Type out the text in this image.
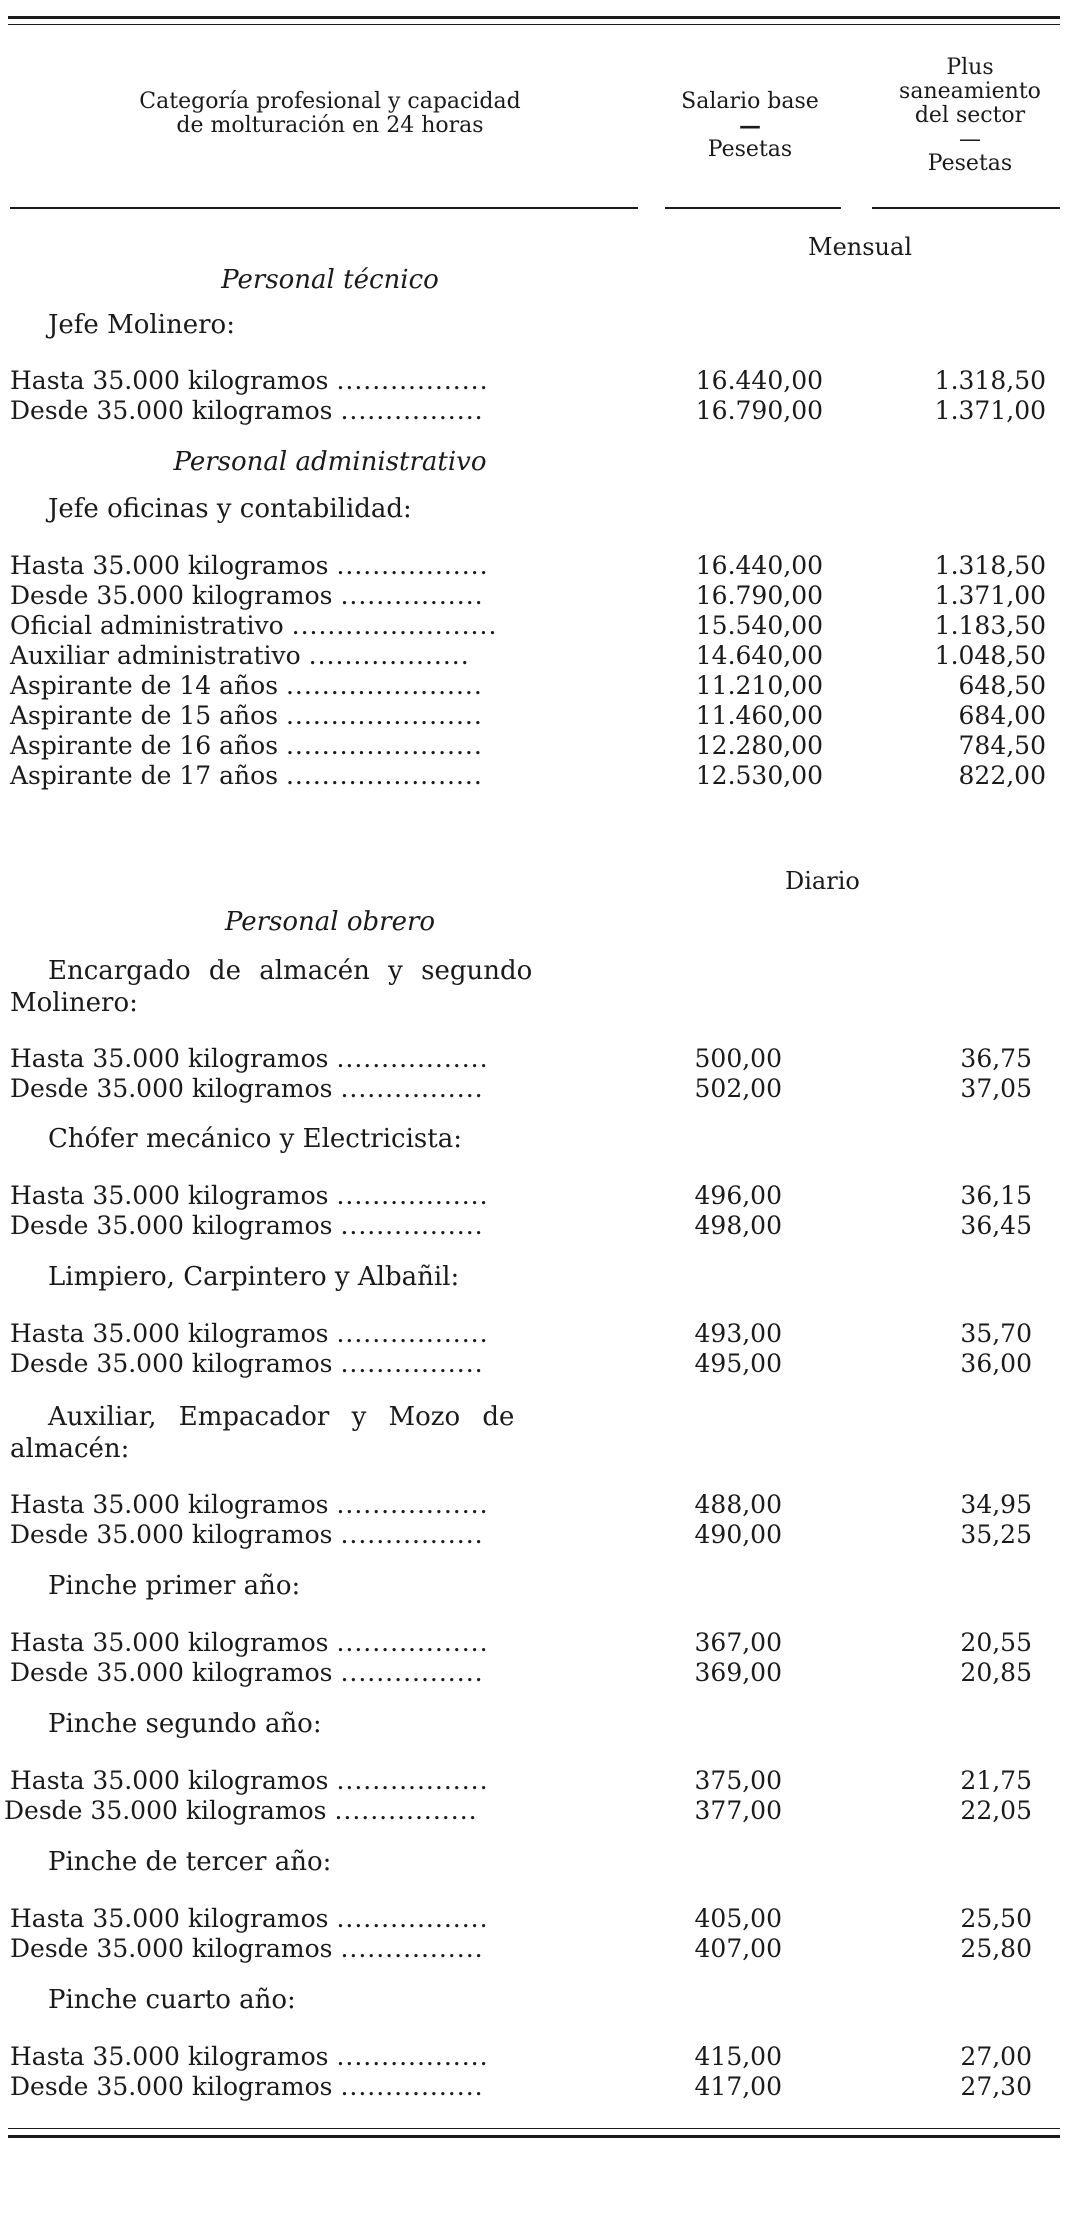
Categoría profesional y capacidad
de molturación en 24 horas
Salario base
—
Pesetas
Plus
saneamiento
del sector
—
Pesetas
Mensual
Personal técnico
Jefe Molinero:
Hasta 35.000 kilogramos .................	16.440,00	1.318,50
Desde 35.000 kilogramos ................	16.790,00	1.371,00
Personal administrativo
Jefe oficinas y contabilidad:
Hasta 35.000 kilogramos .................	16.440,00	1.318,50
Desde 35.000 kilogramos ................	16.790,00	1.371,00
Oficial administrativo .......................	15.540,00	1.183,50
Auxiliar administrativo ..................	14.640,00	1.048,50
Aspirante de 14 años ......................	11.210,00	648,50
Aspirante de 15 años ......................	11.460,00	684,00
Aspirante de 16 años ......................	12.280,00	784,50
Aspirante de 17 años ......................	12.530,00	822,00
Diario
Personal obrero
Encargado de almacén y segundo
Molinero:
Hasta 35.000 kilogramos .................	500,00	36,75
Desde 35.000 kilogramos ................	502,00	37,05
Chófer mecánico y Electricista:
Hasta 35.000 kilogramos .................	496,00	36,15
Desde 35.000 kilogramos ................	498,00	36,45
Limpiero, Carpintero y Albañil:
Hasta 35.000 kilogramos .................	493,00	35,70
Desde 35.000 kilogramos ................	495,00	36,00
Auxiliar, Empacador y Mozo de
almacén:
Hasta 35.000 kilogramos .................	488,00	34,95
Desde 35.000 kilogramos ................	490,00	35,25
Pinche primer año:
Hasta 35.000 kilogramos .................	367,00	20,55
Desde 35.000 kilogramos ................	369,00	20,85
Pinche segundo año:
Hasta 35.000 kilogramos .................	375,00	21,75
Desde 35.000 kilogramos ................	377,00	22,05
Pinche de tercer año:
Hasta 35.000 kilogramos .................	405,00	25,50
Desde 35.000 kilogramos ................	407,00	25,80
Pinche cuarto año:
Hasta 35.000 kilogramos .................	415,00	27,00
Desde 35.000 kilogramos ................	417,00	27,30
